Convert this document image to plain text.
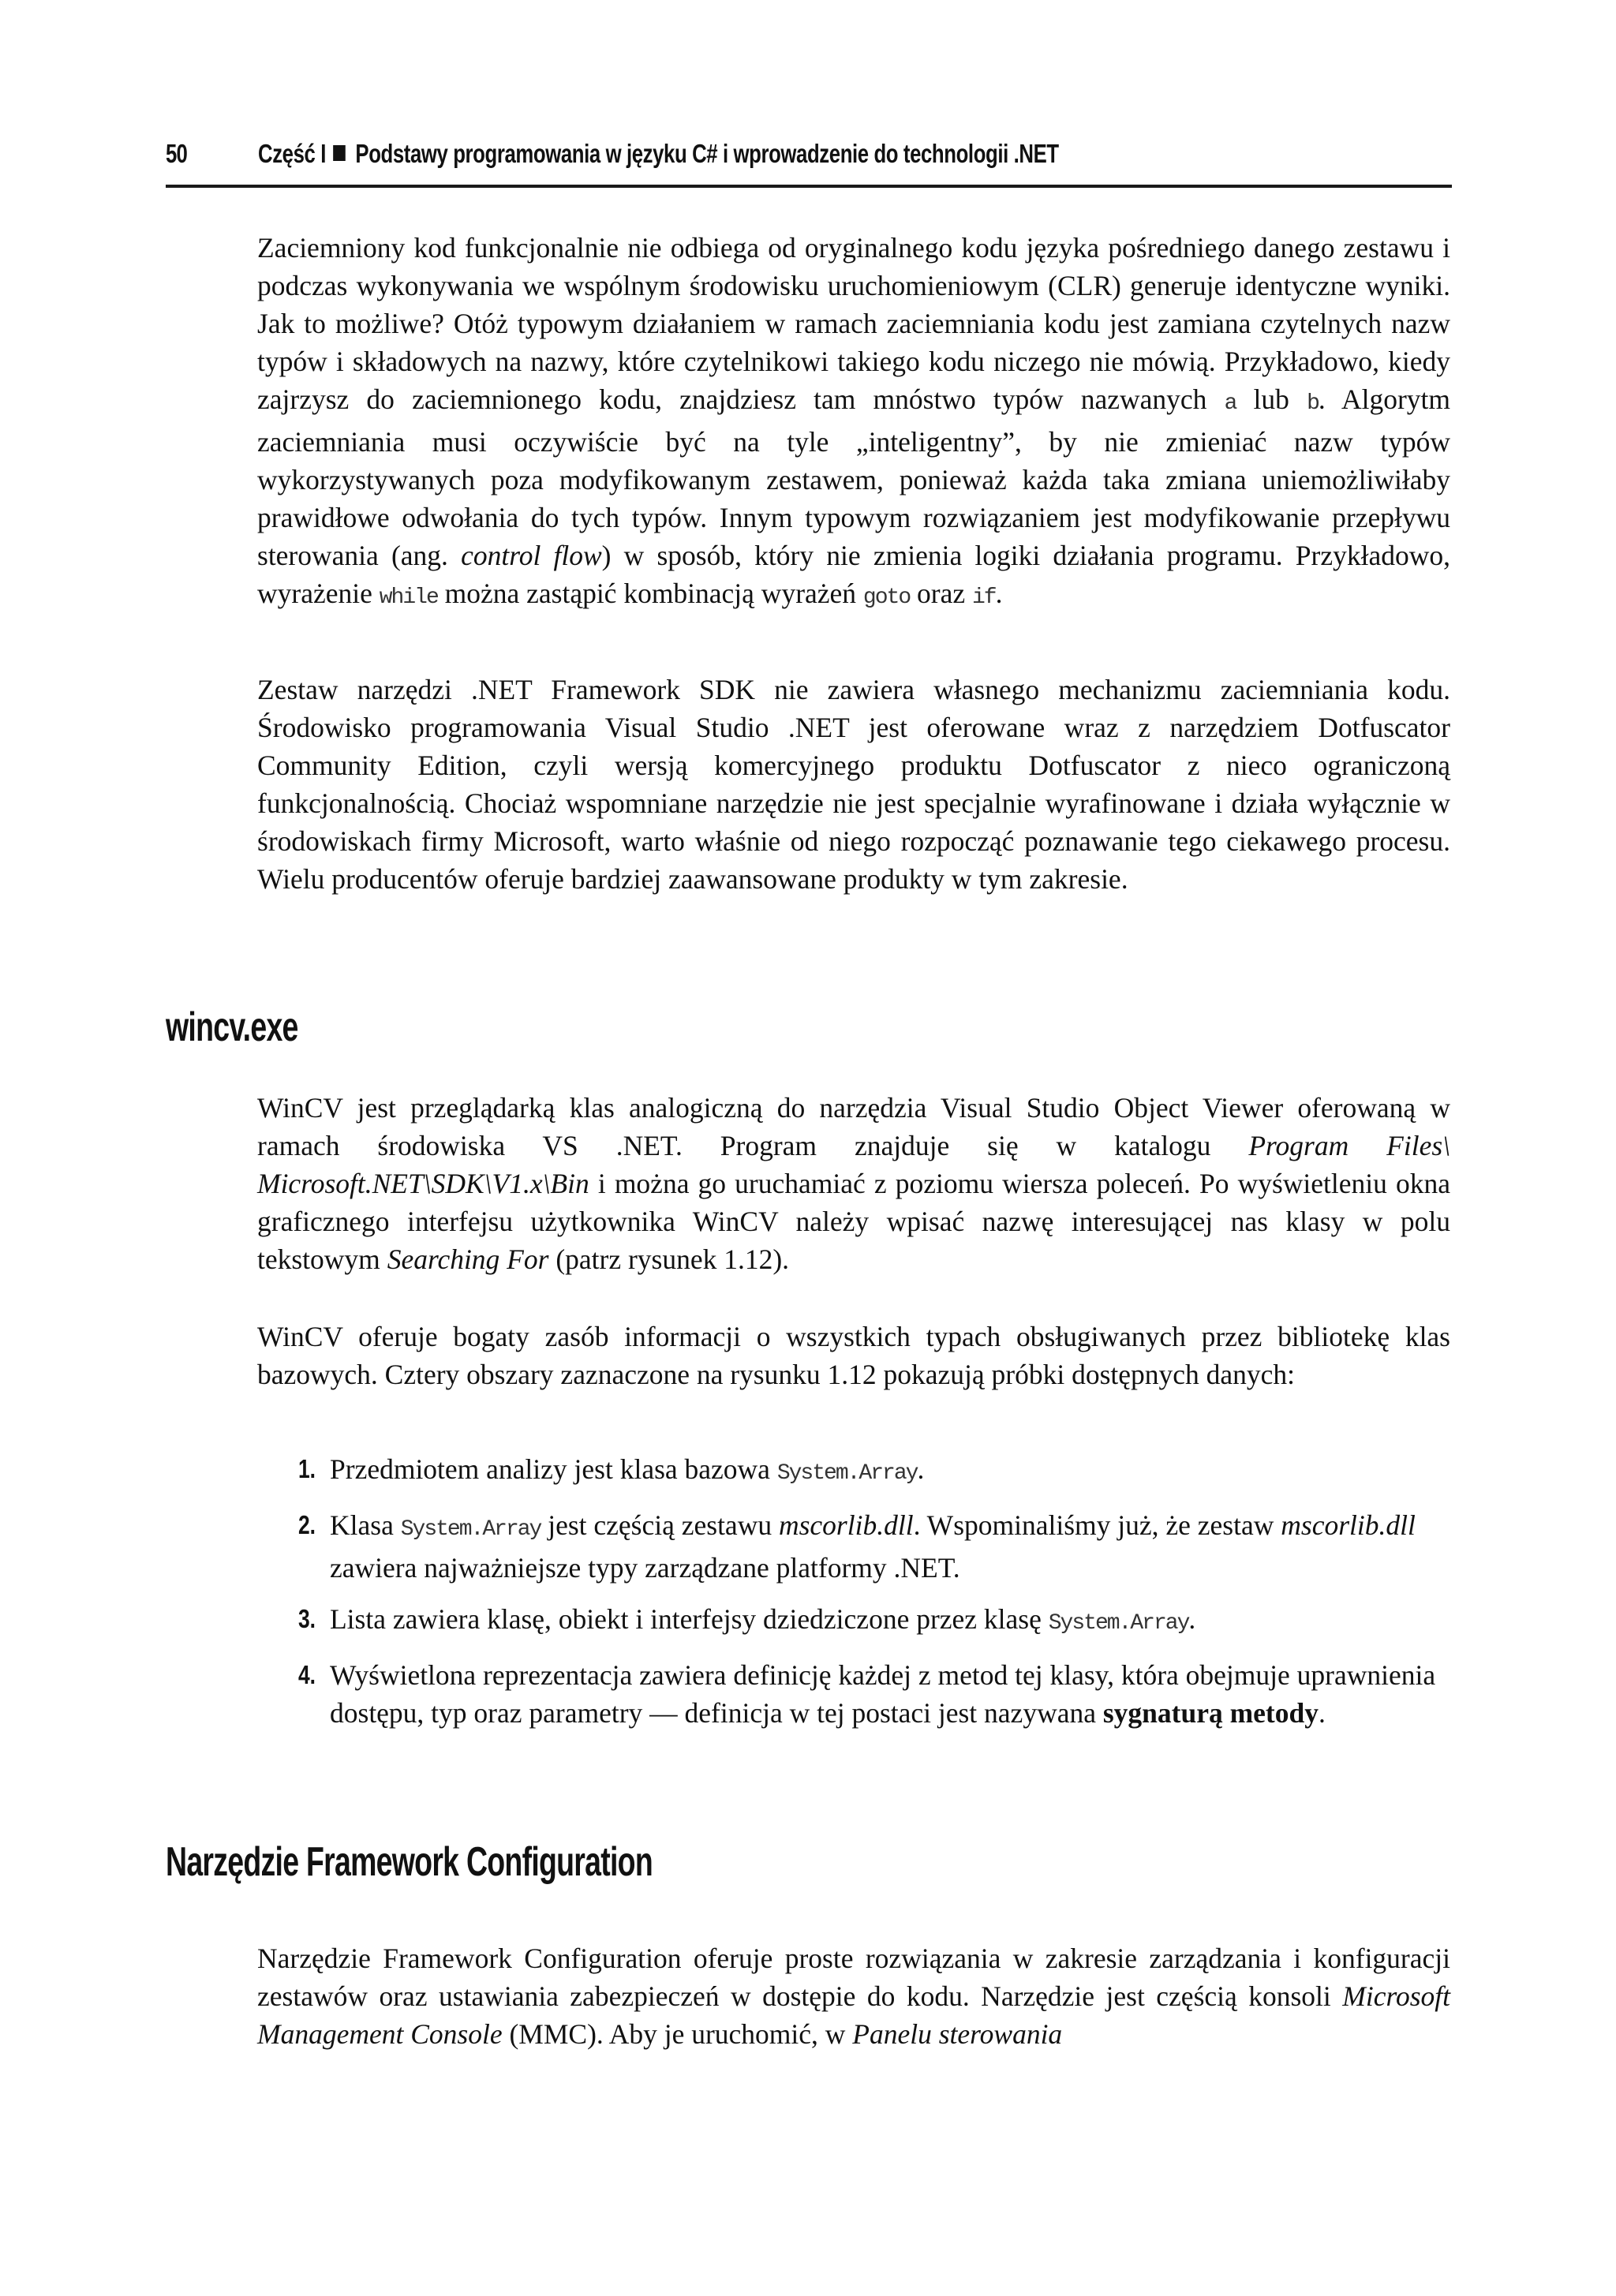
50	Część I Podstawy programowania w języku C# i wprowadzenie do technologii .NET

Zaciemniony kod funkcjonalnie nie odbiega od oryginalnego kodu języka pośredniego danego zestawu i podczas wykonywania we wspólnym środowisku uruchomieniowym (CLR) generuje identyczne wyniki. Jak to możliwe? Otóż typowym działaniem w ramach zaciemniania kodu jest zamiana czytelnych nazw typów i składowych na nazwy, które czytelnikowi takiego kodu niczego nie mówią. Przykładowo, kiedy zajrzysz do zaciemnionego kodu, znajdziesz tam mnóstwo typów nazwanych a lub b. Algorytm zaciemniania musi oczywiście być na tyle „inteligentny”, by nie zmieniać nazw typów wykorzystywanych poza modyfikowanym zestawem, ponieważ każda taka zmiana uniemożliwiłaby prawidłowe odwołania do tych typów. Innym typowym rozwiązaniem jest modyfikowanie przepływu sterowania (ang. control flow) w sposób, który nie zmienia logiki działania programu. Przykładowo, wyrażenie while można zastąpić kombinacją wyrażeń goto oraz if.

Zestaw narzędzi .NET Framework SDK nie zawiera własnego mechanizmu zaciemniania kodu. Środowisko programowania Visual Studio .NET jest oferowane wraz z narzędziem Dotfuscator Community Edition, czyli wersją komercyjnego produktu Dotfuscator z nieco ograniczoną funkcjonalnością. Chociaż wspomniane narzędzie nie jest specjalnie wyrafinowane i działa wyłącznie w środowiskach firmy Microsoft, warto właśnie od niego rozpocząć poznawanie tego ciekawego procesu. Wielu producentów oferuje bardziej zaawansowane produkty w tym zakresie.

wincv.exe

WinCV jest przeglądarką klas analogiczną do narzędzia Visual Studio Object Viewer oferowaną w ramach środowiska VS .NET. Program znajduje się w katalogu Program Files\ Microsoft.NET\SDK\V1.x\Bin i można go uruchamiać z poziomu wiersza poleceń. Po wyświetleniu okna graficznego interfejsu użytkownika WinCV należy wpisać nazwę interesującej nas klasy w polu tekstowym Searching For (patrz rysunek 1.12).

WinCV oferuje bogaty zasób informacji o wszystkich typach obsługiwanych przez bibliotekę klas bazowych. Cztery obszary zaznaczone na rysunku 1.12 pokazują próbki dostępnych danych:

1. Przedmiotem analizy jest klasa bazowa System.Array.

2. Klasa System.Array jest częścią zestawu mscorlib.dll. Wspominaliśmy już, że zestaw mscorlib.dll zawiera najważniejsze typy zarządzane platformy .NET.

3. Lista zawiera klasę, obiekt i interfejsy dziedziczone przez klasę System.Array.

4. Wyświetlona reprezentacja zawiera definicję każdej z metod tej klasy, która obejmuje uprawnienia dostępu, typ oraz parametry — definicja w tej postaci jest nazywana sygnaturą metody.

Narzędzie Framework Configuration

Narzędzie Framework Configuration oferuje proste rozwiązania w zakresie zarządzania i konfiguracji zestawów oraz ustawiania zabezpieczeń w dostępie do kodu. Narzędzie jest częścią konsoli Microsoft Management Console (MMC). Aby je uruchomić, w Panelu sterowania
